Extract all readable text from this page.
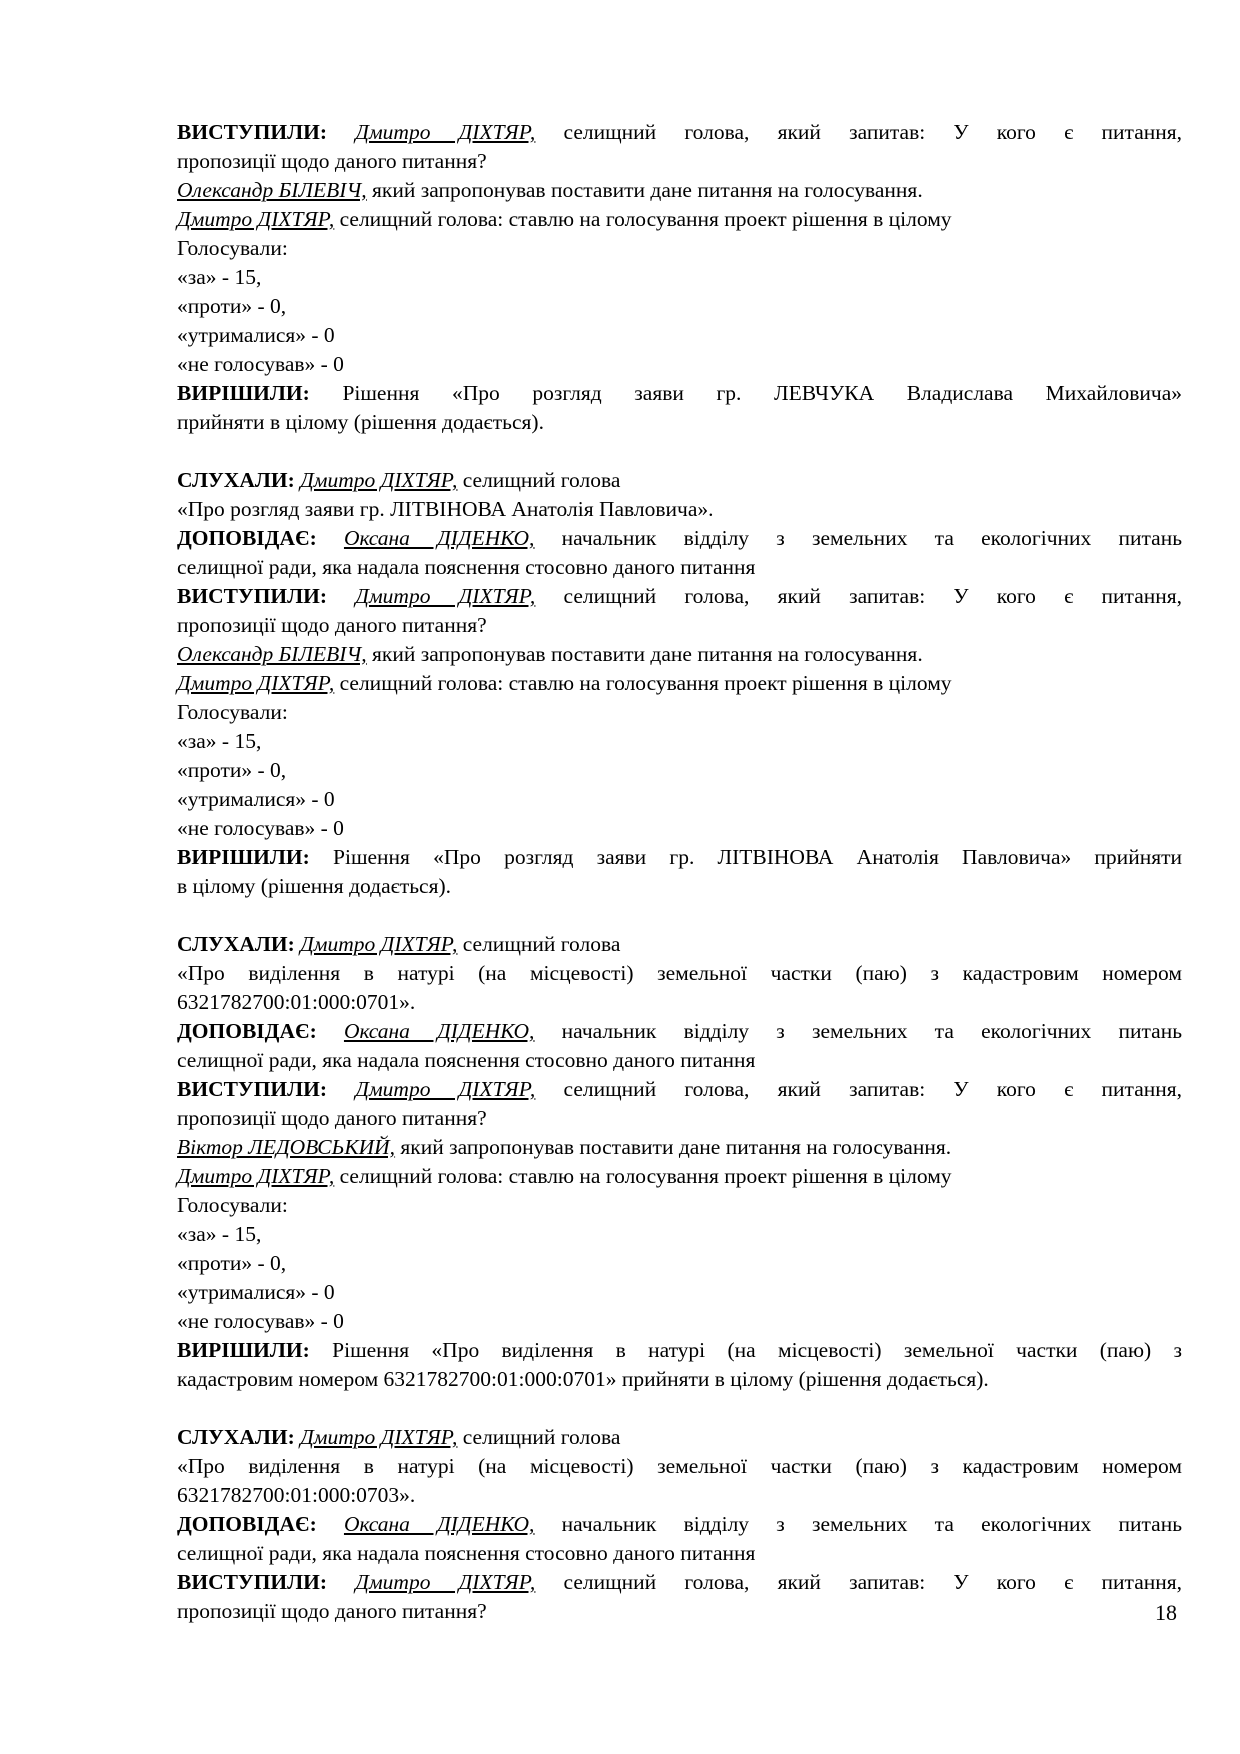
ВИСТУПИЛИ: Дмитро ДІХТЯР, селищний голова, який запитав: У кого є питання,
пропозиції щодо даного питання?
Олександр БІЛЕВІЧ, який запропонував поставити дане питання на голосування.
Дмитро ДІХТЯР, селищний голова: ставлю на голосування проект рішення в цілому
Голосували:
«за» - 15,
«проти» - 0,
«утрималися» - 0
«не голосував» - 0
ВИРІШИЛИ: Рішення «Про розгляд заяви гр. ЛЕВЧУКА Владислава Михайловича»
прийняти в цілому (рішення додається).
СЛУХАЛИ: Дмитро ДІХТЯР, селищний голова
«Про розгляд заяви гр. ЛІТВІНОВА Анатолія Павловича».
ДОПОВІДАЄ: Оксана ДІДЕНКО, начальник відділу з земельних та екологічних питань
селищної ради, яка надала пояснення стосовно даного питання
ВИСТУПИЛИ: Дмитро ДІХТЯР, селищний голова, який запитав: У кого є питання,
пропозиції щодо даного питання?
Олександр БІЛЕВІЧ, який запропонував поставити дане питання на голосування.
Дмитро ДІХТЯР, селищний голова: ставлю на голосування проект рішення в цілому
Голосували:
«за» - 15,
«проти» - 0,
«утрималися» - 0
«не голосував» - 0
ВИРІШИЛИ: Рішення «Про розгляд заяви гр. ЛІТВІНОВА Анатолія Павловича» прийняти
в цілому (рішення додається).
СЛУХАЛИ: Дмитро ДІХТЯР, селищний голова
«Про виділення в натурі (на місцевості) земельної частки (паю) з кадастровим номером
6321782700:01:000:0701».
ДОПОВІДАЄ: Оксана ДІДЕНКО, начальник відділу з земельних та екологічних питань
селищної ради, яка надала пояснення стосовно даного питання
ВИСТУПИЛИ: Дмитро ДІХТЯР, селищний голова, який запитав: У кого є питання,
пропозиції щодо даного питання?
Віктор ЛЕДОВСЬКИЙ, який запропонував поставити дане питання на голосування.
Дмитро ДІХТЯР, селищний голова: ставлю на голосування проект рішення в цілому
Голосували:
«за» - 15,
«проти» - 0,
«утрималися» - 0
«не голосував» - 0
ВИРІШИЛИ: Рішення «Про виділення в натурі (на місцевості) земельної частки (паю) з
кадастровим номером 6321782700:01:000:0701» прийняти в цілому (рішення додається).
СЛУХАЛИ: Дмитро ДІХТЯР, селищний голова
«Про виділення в натурі (на місцевості) земельної частки (паю) з кадастровим номером
6321782700:01:000:0703».
ДОПОВІДАЄ: Оксана ДІДЕНКО, начальник відділу з земельних та екологічних питань
селищної ради, яка надала пояснення стосовно даного питання
ВИСТУПИЛИ: Дмитро ДІХТЯР, селищний голова, який запитав: У кого є питання,
пропозиції щодо даного питання?	18
